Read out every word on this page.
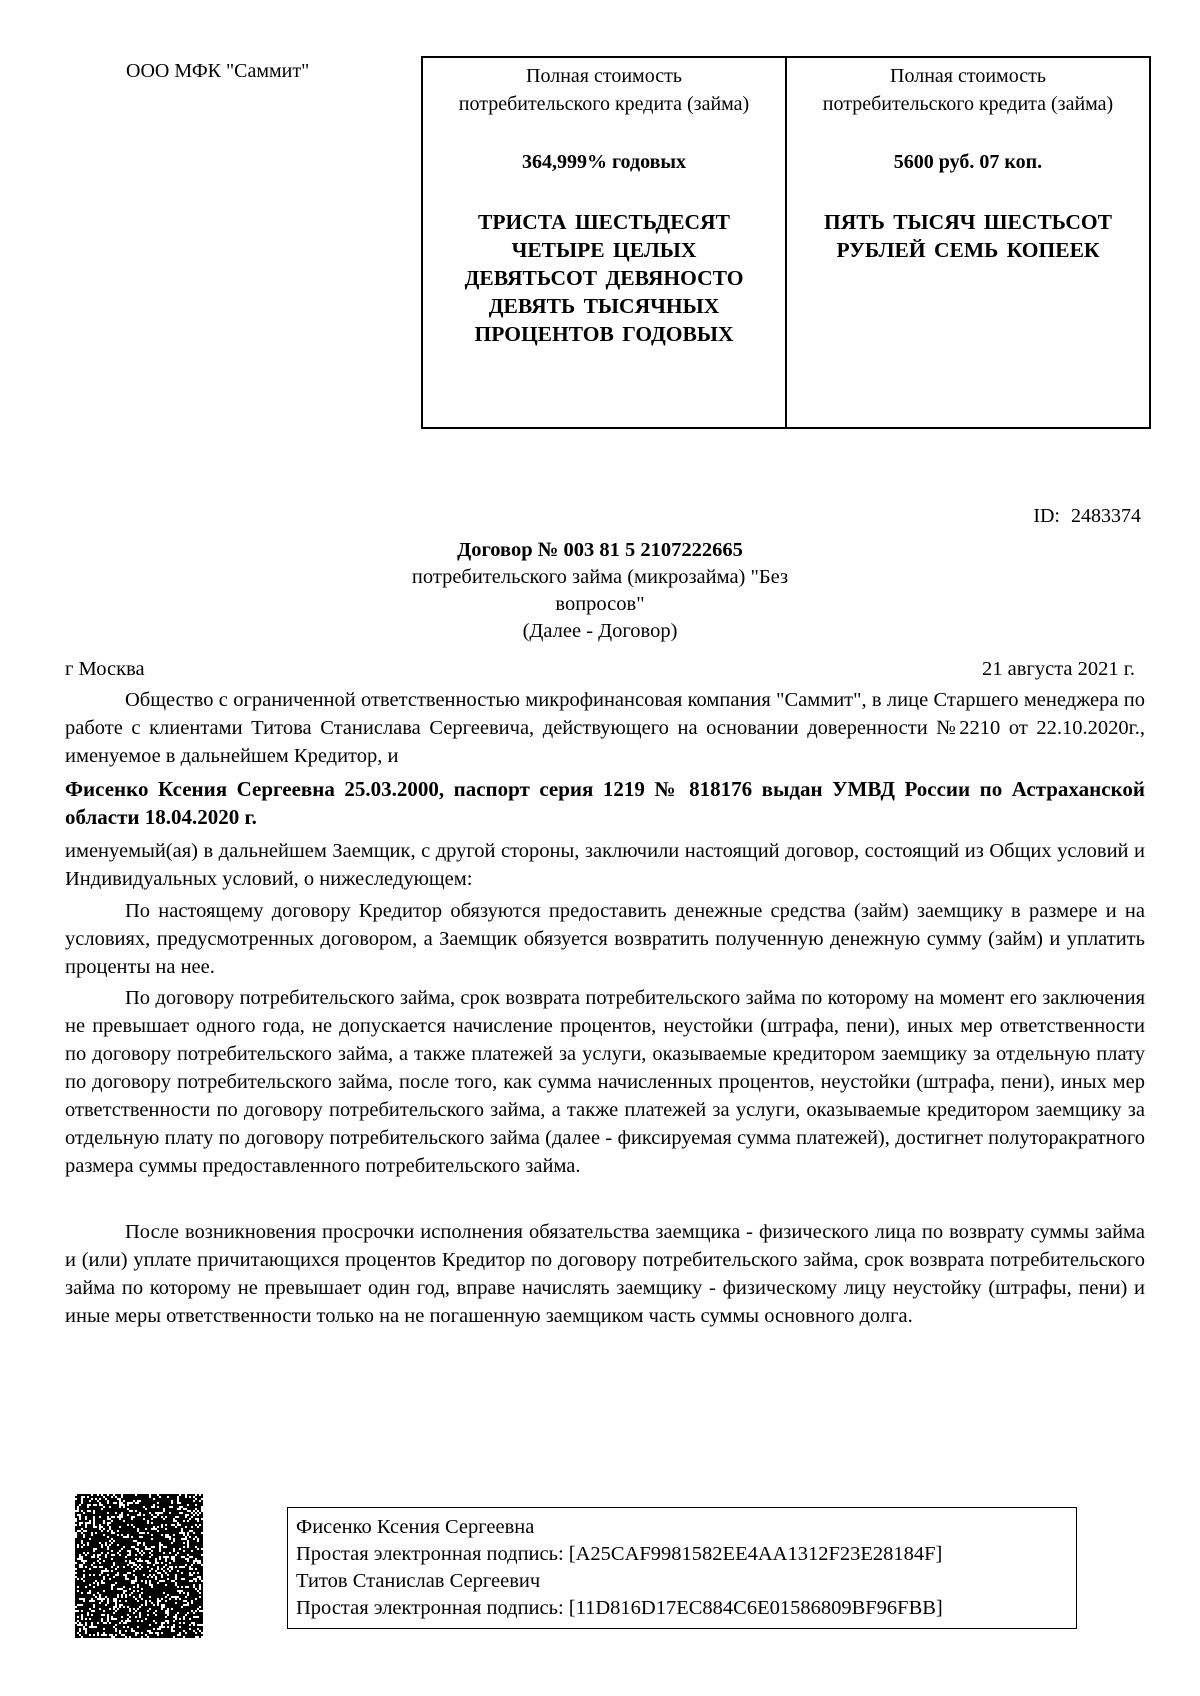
ООО МФК "Саммит"	Полная стоимость потребительского кредита (займа)
364,999% годовых
ТРИСТА ШЕСТЬДЕСЯТ ЧЕТЫРЕ ЦЕЛЫХ ДЕВЯТЬСОТ ДЕВЯНОСТО ДЕВЯТЬ ТЫСЯЧНЫХ ПРОЦЕНТОВ ГОДОВЫХ
Полная стоимость потребительского кредита (займа)
5600 руб. 07 коп.
ПЯТЬ ТЫСЯЧ ШЕСТЬСОТ РУБЛЕЙ СЕМЬ КОПЕЕК
ID: 2483374
Договор № 003 81 5 2107222665
потребительского займа (микрозайма) "Без вопросов"
(Далее - Договор)
г Москва	21 августа 2021 г.

Общество с ограниченной ответственностью микрофинансовая компания "Саммит", в лице Старшего менеджера по работе с клиентами Титова Станислава Сергеевича, действующего на основании доверенности №2210 от 22.10.2020г., именуемое в дальнейшем Кредитор, и

Фисенко Ксения Сергеевна 25.03.2000, паспорт серия 1219 № 818176 выдан УМВД России по Астраханской области 18.04.2020 г.

именуемый(ая) в дальнейшем Заемщик, с другой стороны, заключили настоящий договор, состоящий из Общих условий и Индивидуальных условий, о нижеследующем:

По настоящему договору Кредитор обязуются предоставить денежные средства (займ) заемщику в размере и на условиях, предусмотренных договором, а Заемщик обязуется возвратить полученную денежную сумму (займ) и уплатить проценты на нее.

По договору потребительского займа, срок возврата потребительского займа по которому на момент его заключения не превышает одного года, не допускается начисление процентов, неустойки (штрафа, пени), иных мер ответственности по договору потребительского займа, а также платежей за услуги, оказываемые кредитором заемщику за отдельную плату по договору потребительского займа, после того, как сумма начисленных процентов, неустойки (штрафа, пени), иных мер ответственности по договору потребительского займа, а также платежей за услуги, оказываемые кредитором заемщику за отдельную плату по договору потребительского займа (далее - фиксируемая сумма платежей), достигнет полуторакратного размера суммы предоставленного потребительского займа.

После возникновения просрочки исполнения обязательства заемщика - физического лица по возврату суммы займа и (или) уплате причитающихся процентов Кредитор по договору потребительского займа, срок возврата потребительского займа по которому не превышает один год, вправе начислять заемщику - физическому лицу неустойку (штрафы, пени) и иные меры ответственности только на не погашенную заемщиком часть суммы основного долга.

Фисенко Ксения Сергеевна
Простая электронная подпись: [A25CAF9981582EE4AA1312F23E28184F]
Титов Станислав Сергеевич
Простая электронная подпись: [11D816D17EC884C6E01586809BF96FBB]
